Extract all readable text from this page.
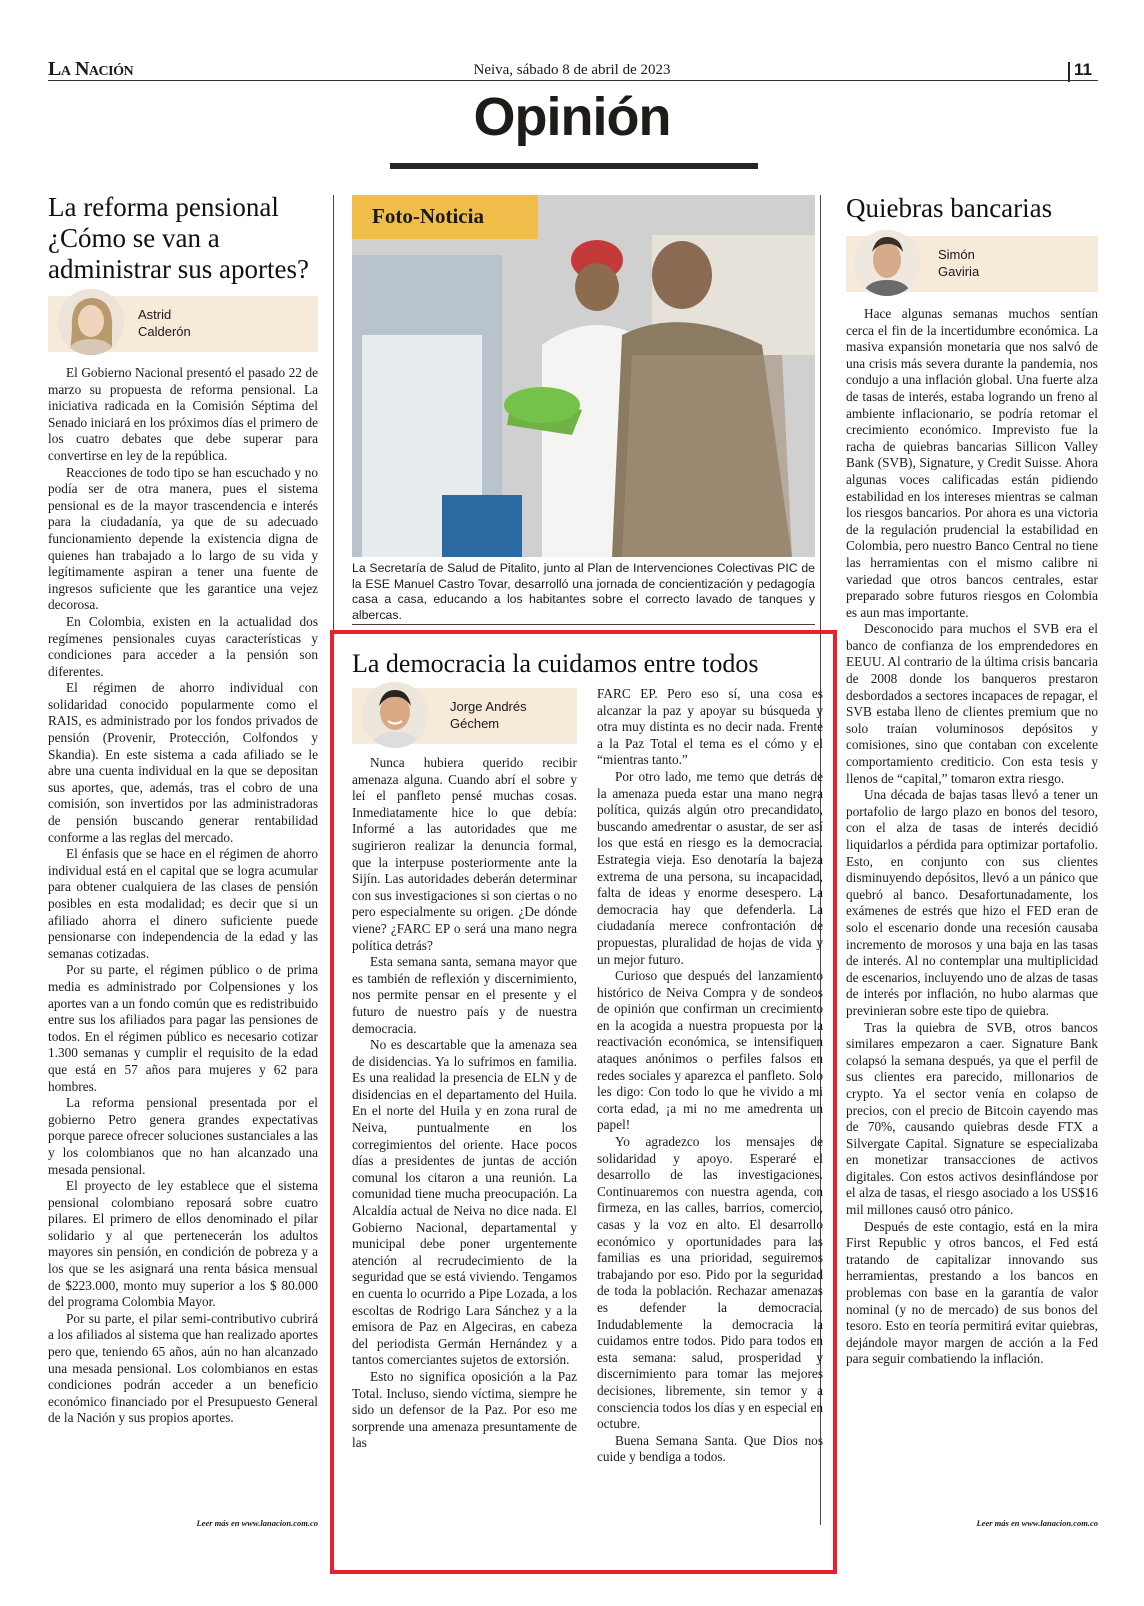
La Nación	Neiva, sábado 8 de abril de 2023	11
Opinión
La reforma pensional
¿Cómo se van a
administrar sus aportes?
Astrid
Calderón

El Gobierno Nacional presentó el pasado 22 de marzo su propuesta de reforma pensional. La iniciativa radicada en la Comisión Séptima del Senado iniciará en los próximos días el primero de los cuatro debates que debe superar para convertirse en ley de la república.

Reacciones de todo tipo se han escuchado y no podía ser de otra manera, pues el sistema pensional es de la mayor trascendencia e interés para la ciudadanía, ya que de su adecuado funcionamiento depende la existencia digna de quienes han trabajado a lo largo de su vida y legítimamente aspiran a tener una fuente de ingresos suficiente que les garantice una vejez decorosa.

En Colombia, existen en la actualidad dos regímenes pensionales cuyas características y condiciones para acceder a la pensión son diferentes.

El régimen de ahorro individual con solidaridad conocido popularmente como el RAIS, es administrado por los fondos privados de pensión (Provenir, Protección, Colfondos y Skandia). En este sistema a cada afiliado se le abre una cuenta individual en la que se depositan sus aportes, que, además, tras el cobro de una comisión, son invertidos por las administradoras de pensión buscando generar rentabilidad conforme a las reglas del mercado.

El énfasis que se hace en el régimen de ahorro individual está en el capital que se logra acumular para obtener cualquiera de las clases de pensión posibles en esta modalidad; es decir que si un afiliado ahorra el dinero suficiente puede pensionarse con independencia de la edad y las semanas cotizadas.

Por su parte, el régimen público o de prima media es administrado por Colpensiones y los aportes van a un fondo común que es redistribuido entre sus los afiliados para pagar las pensiones de todos. En el régimen público es necesario cotizar 1.300 semanas y cumplir el requisito de la edad que está en 57 años para mujeres y 62 para hombres.

La reforma pensional presentada por el gobierno Petro genera grandes expectativas porque parece ofrecer soluciones sustanciales a las y los colombianos que no han alcanzado una mesada pensional.

El proyecto de ley establece que el sistema pensional colombiano reposará sobre cuatro pilares. El primero de ellos denominado el pilar solidario y al que pertenecerán los adultos mayores sin pensión, en condición de pobreza y a los que se les asignará una renta básica mensual de $223.000, monto muy superior a los $ 80.000 del programa Colombia Mayor.

Por su parte, el pilar semi-contributivo cubrirá a los afiliados al sistema que han realizado aportes pero que, teniendo 65 años, aún no han alcanzado una mesada pensional. Los colombianos en estas condiciones podrán acceder a un beneficio económico financiado por el Presupuesto General de la Nación y sus propios aportes.

Leer más en www.lanacion.com.co
Foto-Noticia
La Secretaría de Salud de Pitalito, junto al Plan de Intervenciones Colectivas PIC de la ESE Manuel Castro Tovar, desarrolló una jornada de concientización y pedagogía casa a casa, educando a los habitantes sobre el correcto lavado de tanques y albercas.
La democracia la cuidamos entre todos
Jorge Andrés
Géchem

Nunca hubiera querido recibir amenaza alguna. Cuando abrí el sobre y leí el panfleto pensé muchas cosas. Inmediatamente hice lo que debía: Informé a las autoridades que me sugirieron realizar la denuncia formal, que la interpuse posteriormente ante la Sijín. Las autoridades deberán determinar con sus investigaciones si son ciertas o no pero especialmente su origen. ¿De dónde viene? ¿FARC EP o será una mano negra política detrás?

Esta semana santa, semana mayor que es también de reflexión y discernimiento, nos permite pensar en el presente y el futuro de nuestro país y de nuestra democracia.

No es descartable que la amenaza sea de disidencias. Ya lo sufrimos en familia. Es una realidad la presencia de ELN y de disidencias en el departamento del Huila. En el norte del Huila y en zona rural de Neiva, puntualmente en los corregimientos del oriente. Hace pocos días a presidentes de juntas de acción comunal los citaron a una reunión. La comunidad tiene mucha preocupación. La Alcaldía actual de Neiva no dice nada. El Gobierno Nacional, departamental y municipal debe poner urgentemente atención al recrudecimiento de la seguridad que se está viviendo. Tengamos en cuenta lo ocurrido a Pipe Lozada, a los escoltas de Rodrigo Lara Sánchez y a la emisora de Paz en Algeciras, en cabeza del periodista Germán Hernández y a tantos comerciantes sujetos de extorsión.

Esto no significa oposición a la Paz Total. Incluso, siendo víctima, siempre he sido un defensor de la Paz. Por eso me sorprende una amenaza presuntamente de las

FARC EP. Pero eso sí, una cosa es alcanzar la paz y apoyar su búsqueda y otra muy distinta es no decir nada. Frente a la Paz Total el tema es el cómo y el “mientras tanto.”

Por otro lado, me temo que detrás de la amenaza pueda estar una mano negra política, quizás algún otro precandidato, buscando amedrentar o asustar, de ser así los que está en riesgo es la democracia. Estrategia vieja. Eso denotaría la bajeza extrema de una persona, su incapacidad, falta de ideas y enorme desespero. La democracia hay que defenderla. La ciudadanía merece confrontación de propuestas, pluralidad de hojas de vida y un mejor futuro.

Curioso que después del lanzamiento histórico de Neiva Compra y de sondeos de opinión que confirman un crecimiento en la acogida a nuestra propuesta por la reactivación económica, se intensifiquen ataques anónimos o perfiles falsos en redes sociales y aparezca el panfleto. Solo les digo: Con todo lo que he vivido a mi corta edad, ¡a mi no me amedrenta un papel!

Yo agradezco los mensajes de solidaridad y apoyo. Esperaré el desarrollo de las investigaciones. Continuaremos con nuestra agenda, con firmeza, en las calles, barrios, comercio, casas y la voz en alto. El desarrollo económico y oportunidades para las familias es una prioridad, seguiremos trabajando por eso. Pido por la seguridad de toda la población. Rechazar amenazas es defender la democracia. Indudablemente la democracia la cuidamos entre todos. Pido para todos en esta semana: salud, prosperidad y discernimiento para tomar las mejores decisiones, libremente, sin temor y a consciencia todos los días y en especial en octubre.

Buena Semana Santa. Que Dios nos cuide y bendiga a todos.

Quiebras bancarias
Simón
Gaviria

Hace algunas semanas muchos sentían cerca el fin de la incertidumbre económica. La masiva expansión monetaria que nos salvó de una crisis más severa durante la pandemia, nos condujo a una inflación global. Una fuerte alza de tasas de interés, estaba logrando un freno al ambiente inflacionario, se podría retomar el crecimiento económico. Imprevisto fue la racha de quiebras bancarias Sillicon Valley Bank (SVB), Signature, y Credit Suisse. Ahora algunas voces calificadas están pidiendo estabilidad en los intereses mientras se calman los riesgos bancarios. Por ahora es una victoria de la regulación prudencial la estabilidad en Colombia, pero nuestro Banco Central no tiene las herramientas con el mismo calibre ni variedad que otros bancos centrales, estar preparado sobre futuros riesgos en Colombia es aun mas importante.

Desconocido para muchos el SVB era el banco de confianza de los emprendedores en EEUU. Al contrario de la última crisis bancaria de 2008 donde los banqueros prestaron desbordados a sectores incapaces de repagar, el SVB estaba lleno de clientes premium que no solo traían voluminosos depósitos y comisiones, sino que contaban con excelente comportamiento crediticio. Con esta tesis y llenos de “capital,” tomaron extra riesgo.

Una década de bajas tasas llevó a tener un portafolio de largo plazo en bonos del tesoro, con el alza de tasas de interés decidió liquidarlos a pérdida para optimizar portafolio. Esto, en conjunto con sus clientes disminuyendo depósitos, llevó a un pánico que quebró al banco. Desafortunadamente, los exámenes de estrés que hizo el FED eran de solo el escenario donde una recesión causaba incremento de morosos y una baja en las tasas de interés. Al no contemplar una multiplicidad de escenarios, incluyendo uno de alzas de tasas de interés por inflación, no hubo alarmas que previnieran sobre este tipo de quiebra.

Tras la quiebra de SVB, otros bancos similares empezaron a caer. Signature Bank colapsó la semana después, ya que el perfil de sus clientes era parecido, millonarios de crypto. Ya el sector venía en colapso de precios, con el precio de Bitcoin cayendo mas de 70%, causando quiebras desde FTX a Silvergate Capital. Signature se especializaba en monetizar transacciones de activos digitales. Con estos activos desinflándose por el alza de tasas, el riesgo asociado a los US$16 mil millones causó otro pánico.

Después de este contagio, está en la mira First Republic y otros bancos, el Fed está tratando de capitalizar innovando sus herramientas, prestando a los bancos en problemas con base en la garantía de valor nominal (y no de mercado) de sus bonos del tesoro. Esto en teoría permitirá evitar quiebras, dejándole mayor margen de acción a la Fed para seguir combatiendo la inflación.

Leer más en www.lanacion.com.co
